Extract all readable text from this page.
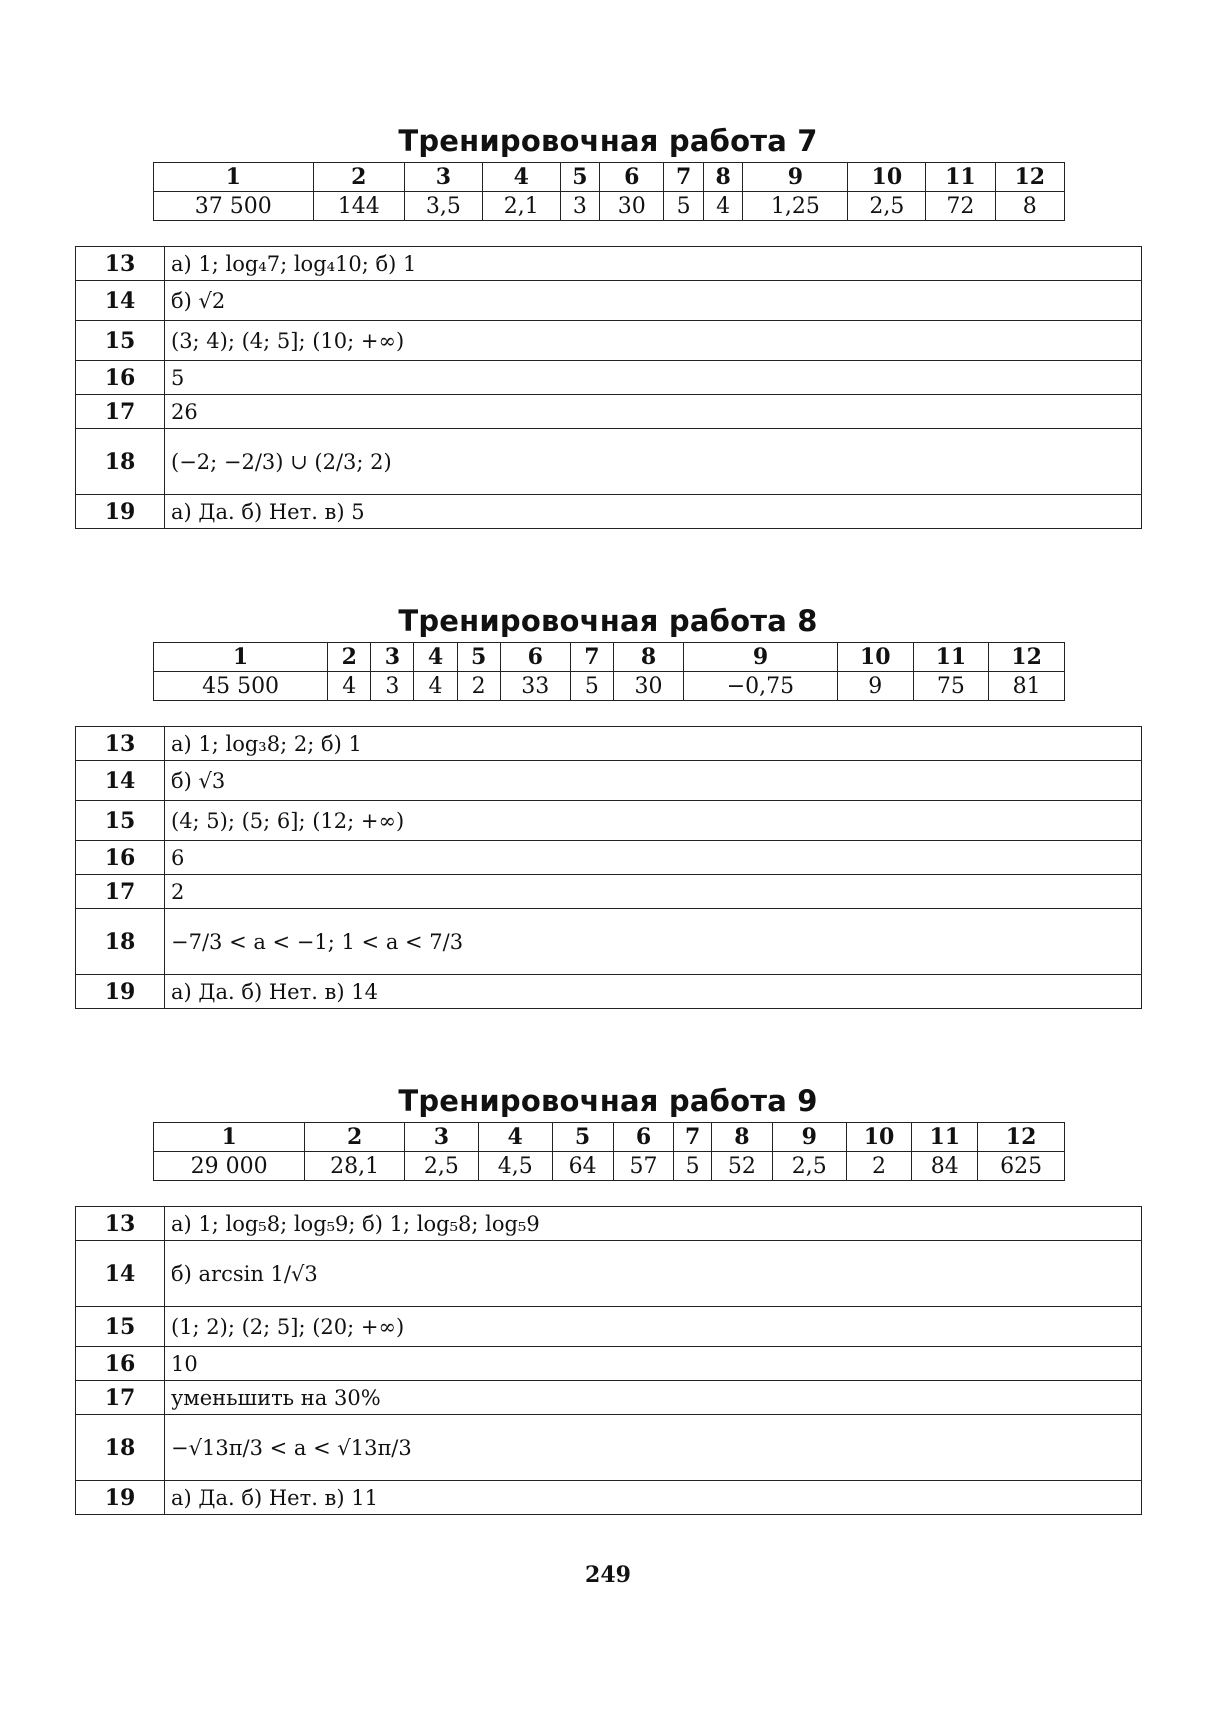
Тренировочная работа 7
1	2	3	4	5	6	7	8	9	10	11	12
37 500	144	3,5	2,1	3	30	5	4	1,25	2,5	72	8
13	а) 1; log₄7; log₄10; б) 1
14	б) √2
15	(3; 4); (4; 5]; (10; +∞)
16	5
17	26
18	(−2; −2/3) ∪ (2/3; 2)
19	а) Да. б) Нет. в) 5
Тренировочная работа 8
1	2	3	4	5	6	7	8	9	10	11	12
45 500	4	3	4	2	33	5	30	−0,75	9	75	81
13	а) 1; log₃8; 2; б) 1
14	б) √3
15	(4; 5); (5; 6]; (12; +∞)
16	6
17	2
18	−7/3 < a < −1; 1 < a < 7/3
19	а) Да. б) Нет. в) 14
Тренировочная работа 9
1	2	3	4	5	6	7	8	9	10	11	12
29 000	28,1	2,5	4,5	64	57	5	52	2,5	2	84	625
13	а) 1; log₅8; log₅9; б) 1; log₅8; log₅9
14	б) arcsin 1/√3
15	(1; 2); (2; 5]; (20; +∞)
16	10
17	уменьшить на 30%
18	−√13π/3 < a < √13π/3
19	а) Да. б) Нет. в) 11
249
